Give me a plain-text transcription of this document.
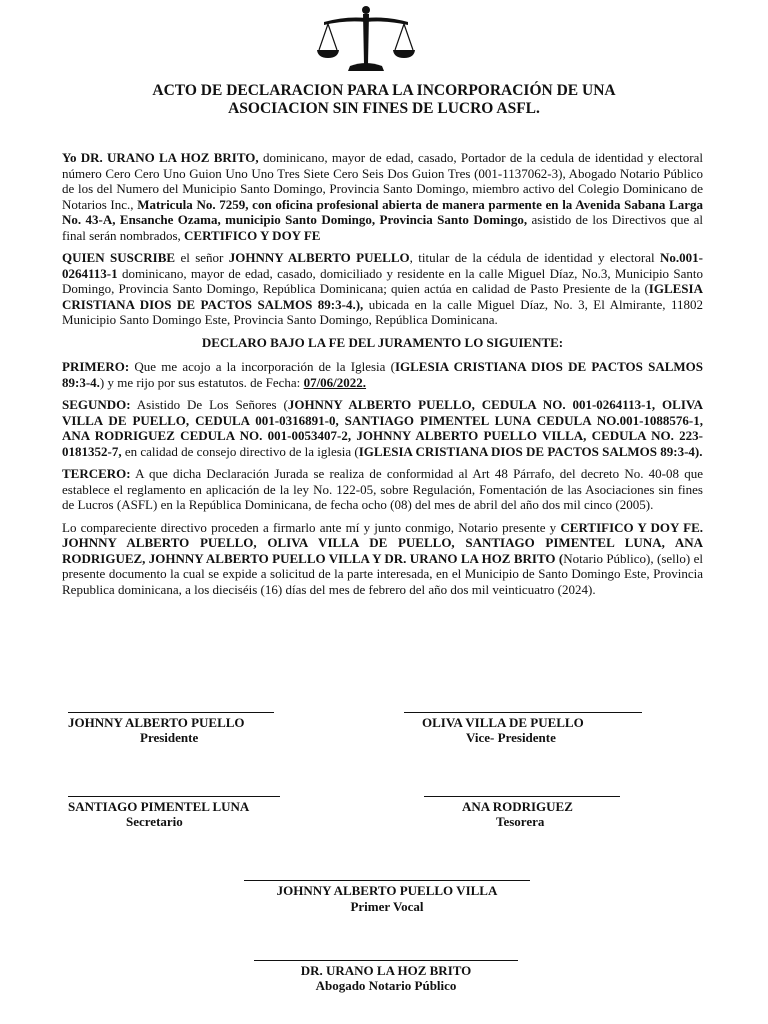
ACTO DE DECLARACION PARA LA INCORPORACIÓN DE UNA
ASOCIACION SIN FINES DE LUCRO ASFL.

Yo DR. URANO LA HOZ BRITO, dominicano, mayor de edad, casado, Portador de la cedula de identidad y electoral número Cero Cero Uno Guion Uno Uno Tres Siete Cero Seis Dos Guion Tres (001-1137062-3), Abogado Notario Público de los del Numero del Municipio Santo Domingo, Provincia Santo Domingo, miembro activo del Colegio Dominicano de Notarios Inc., Matricula No. 7259, con oficina profesional abierta de manera parmente en la Avenida Sabana Larga No. 43-A, Ensanche Ozama, municipio Santo Domingo, Provincia Santo Domingo, asistido de los Directivos que al final serán nombrados, CERTIFICO Y DOY FE

QUIEN SUSCRIBE el señor JOHNNY ALBERTO PUELLO, titular de la cédula de identidad y electoral No.001-0264113-1 dominicano, mayor de edad, casado, domiciliado y residente en la calle Miguel Díaz, No.3, Municipio Santo Domingo, Provincia Santo Domingo, República Dominicana; quien actúa en calidad de Pasto Presiente de la (IGLESIA CRISTIANA DIOS DE PACTOS SALMOS 89:3-4.), ubicada en la calle Miguel Díaz, No. 3, El Almirante, 11802 Municipio Santo Domingo Este, Provincia Santo Domingo, República Dominicana.

DECLARO BAJO LA FE DEL JURAMENTO LO SIGUIENTE:

PRIMERO: Que me acojo a la incorporación de la Iglesia (IGLESIA CRISTIANA DIOS DE PACTOS SALMOS 89:3-4.) y me rijo por sus estatutos. de Fecha: 07/06/2022.

SEGUNDO: Asistido De Los Señores (JOHNNY ALBERTO PUELLO, CEDULA NO. 001-0264113-1, OLIVA VILLA DE PUELLO, CEDULA 001-0316891-0, SANTIAGO PIMENTEL LUNA CEDULA NO.001-1088576-1, ANA RODRIGUEZ CEDULA NO. 001-0053407-2, JOHNNY ALBERTO PUELLO VILLA, CEDULA NO. 223-0181352-7, en calidad de consejo directivo de la iglesia (IGLESIA CRISTIANA DIOS DE PACTOS SALMOS 89:3-4).

TERCERO: A que dicha Declaración Jurada se realiza de conformidad al Art 48 Párrafo, del decreto No. 40-08 que establece el reglamento en aplicación de la ley No. 122-05, sobre Regulación, Fomentación de las Asociaciones sin fines de Lucros (ASFL) en la República Dominicana, de fecha ocho (08) del mes de abril del año dos mil cinco (2005).

Lo compareciente directivo proceden a firmarlo ante mí y junto conmigo, Notario presente y CERTIFICO Y DOY FE. JOHNNY ALBERTO PUELLO, OLIVA VILLA DE PUELLO, SANTIAGO PIMENTEL LUNA, ANA RODRIGUEZ, JOHNNY ALBERTO PUELLO VILLA Y DR. URANO LA HOZ BRITO (Notario Público), (sello) el presente documento la cual se expide a solicitud de la parte interesada, en el Municipio de Santo Domingo Este, Provincia Republica dominicana, a los dieciséis (16) días del mes de febrero del año dos mil veinticuatro (2024).

JOHNNY ALBERTO PUELLO
Presidente
OLIVA VILLA DE PUELLO
Vice- Presidente
SANTIAGO PIMENTEL LUNA
Secretario
ANA RODRIGUEZ
Tesorera
JOHNNY ALBERTO PUELLO VILLA
Primer Vocal
DR. URANO LA HOZ BRITO
Abogado Notario Público
